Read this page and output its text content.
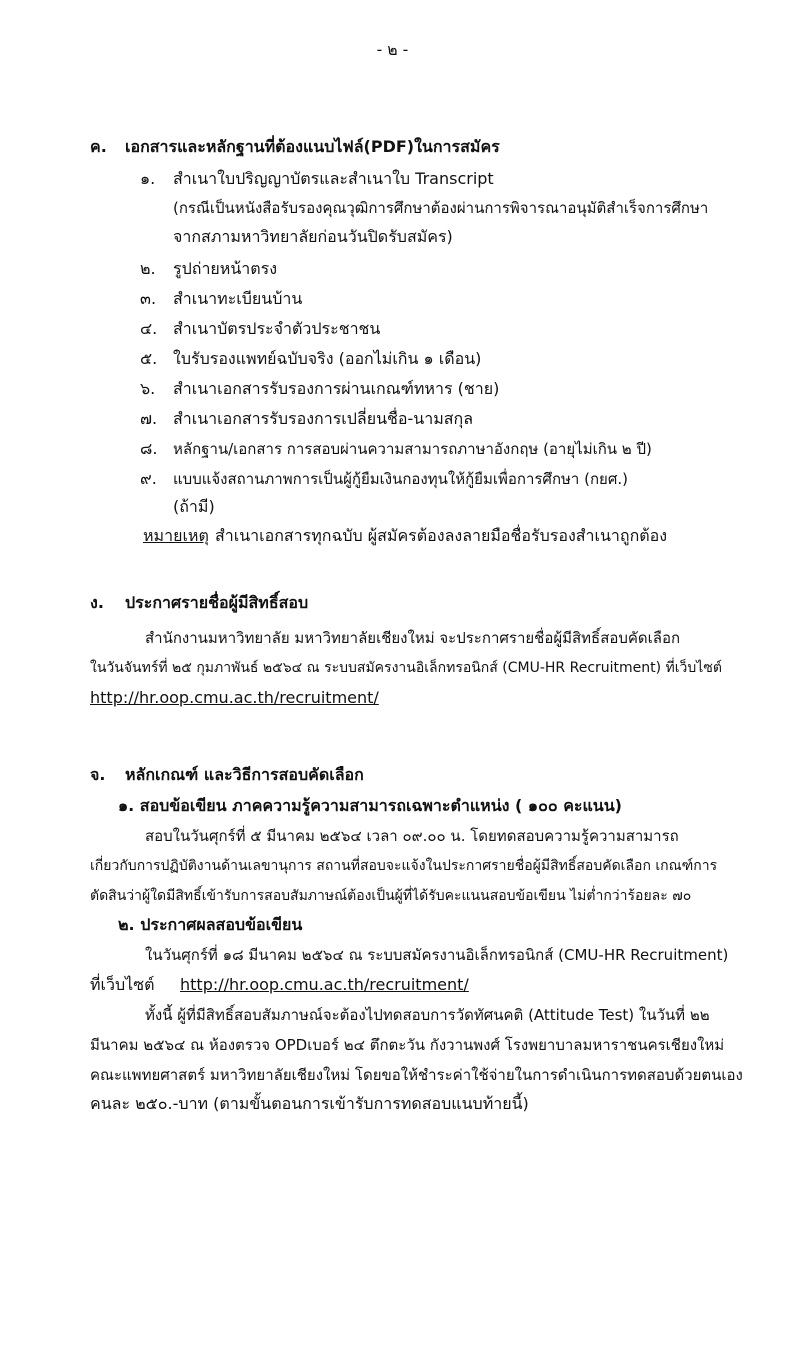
- ๒ -
ค. เอกสารและหลักฐานที่ต้องแนบไฟล์(PDF)ในการสมัคร
๑.	สำเนาใบปริญญาบัตรและสำเนาใบ Transcript
(กรณีเป็นหนังสือรับรองคุณวุฒิการศึกษาต้องผ่านการพิจารณาอนุมัติสำเร็จการศึกษา
จากสภามหาวิทยาลัยก่อนวันปิดรับสมัคร)
๒.	รูปถ่ายหน้าตรง
๓.	สำเนาทะเบียนบ้าน
๔. สำเนาบัตรประจำตัวประชาชน
๕. ใบรับรองแพทย์ฉบับจริง (ออกไม่เกิน ๑ เดือน)
๖.	สำเนาเอกสารรับรองการผ่านเกณฑ์ทหาร (ชาย)
๗. สำเนาเอกสารรับรองการเปลี่ยนชื่อ-นามสกุล
๘.	หลักฐาน/เอกสาร การสอบผ่านความสามารถภาษาอังกฤษ (อายุไม่เกิน ๒ ปี)
๙.	แบบแจ้งสถานภาพการเป็นผู้กู้ยืมเงินกองทุนให้กู้ยืมเพื่อการศึกษา (กยศ.)
(ถ้ามี)
หมายเหตุ สำเนาเอกสารทุกฉบับ ผู้สมัครต้องลงลายมือชื่อรับรองสำเนาถูกต้อง
ง. ประกาศรายชื่อผู้มีสิทธิ์สอบ
สำนักงานมหาวิทยาลัย มหาวิทยาลัยเชียงใหม่ จะประกาศรายชื่อผู้มีสิทธิ์สอบคัดเลือก
ในวันจันทร์ที่ ๒๕ กุมภาพันธ์ ๒๕๖๔ ณ ระบบสมัครงานอิเล็กทรอนิกส์ (CMU-HR Recruitment) ที่เว็บไซต์
http://hr.oop.cmu.ac.th/recruitment/
จ. หลักเกณฑ์ และวิธีการสอบคัดเลือก
๑. สอบข้อเขียน ภาคความรู้ความสามารถเฉพาะตำแหน่ง ( ๑๐๐ คะแนน)
สอบในวันศุกร์ที่ ๕ มีนาคม ๒๕๖๔ เวลา ๐๙.๐๐ น. โดยทดสอบความรู้ความสามารถ
เกี่ยวกับการปฏิบัติงานด้านเลขานุการ สถานที่สอบจะแจ้งในประกาศรายชื่อผู้มีสิทธิ์สอบคัดเลือก เกณฑ์การ
ตัดสินว่าผู้ใดมีสิทธิ์เข้ารับการสอบสัมภาษณ์ต้องเป็นผู้ที่ได้รับคะแนนสอบข้อเขียน ไม่ต่ำกว่าร้อยละ ๗๐
๒. ประกาศผลสอบข้อเขียน
ในวันศุกร์ที่ ๑๘ มีนาคม ๒๕๖๔ ณ ระบบสมัครงานอิเล็กทรอนิกส์ (CMU-HR Recruitment)
ที่เว็บไซต์ http://hr.oop.cmu.ac.th/recruitment/
ทั้งนี้ ผู้ที่มีสิทธิ์สอบสัมภาษณ์จะต้องไปทดสอบการวัดทัศนคติ (Attitude Test) ในวันที่ ๒๒
มีนาคม ๒๕๖๔ ณ ห้องตรวจ OPDเบอร์ ๒๔ ตึกตะวัน กังวานพงศ์ โรงพยาบาลมหาราชนครเชียงใหม่
คณะแพทยศาสตร์ มหาวิทยาลัยเชียงใหม่ โดยขอให้ชำระค่าใช้จ่ายในการดำเนินการทดสอบด้วยตนเอง
คนละ ๒๕๐.-บาท (ตามขั้นตอนการเข้ารับการทดสอบแนบท้ายนี้)
